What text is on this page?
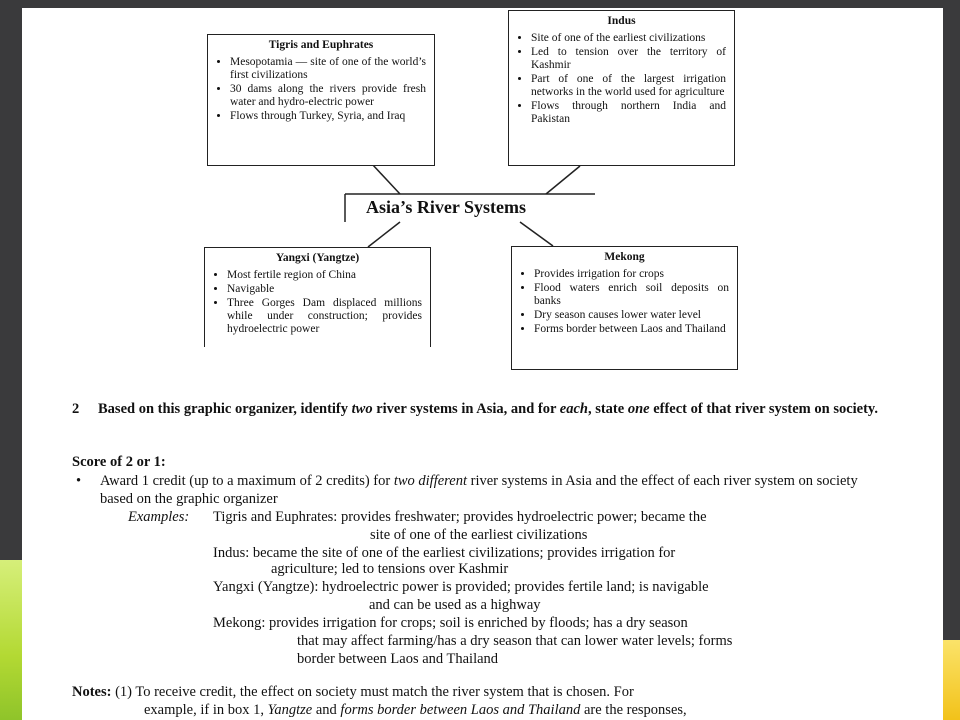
Asia’s River Systems
Tigris and Euphrates
• Mesopotamia — site of one of the world’s first civilizations
• 30 dams along the rivers provide fresh water and hydro-electric power
• Flows through Turkey, Syria, and Iraq
Indus
• Site of one of the earliest civilizations
• Led to tension over the territory of Kashmir
• Part of one of the largest irrigation networks in the world used for agriculture
• Flows through northern India and Pakistan
Yangxi (Yangtze)
• Most fertile region of China
• Navigable
• Three Gorges Dam displaced millions while under construction; provides hydroelectric power
Mekong
• Provides irrigation for crops
• Flood waters enrich soil deposits on banks
• Dry season causes lower water level
• Forms border between Laos and Thailand
2 Based on this graphic organizer, identify two river systems in Asia, and for each, state one effect of that river system on society.
Score of 2 or 1:
• Award 1 credit (up to a maximum of 2 credits) for two different river systems in Asia and the effect of each river system on society based on the graphic organizer
Examples: Tigris and Euphrates: provides freshwater; provides hydroelectric power; became the
site of one of the earliest civilizations
Indus: became the site of one of the earliest civilizations; provides irrigation for
agriculture; led to tensions over Kashmir
Yangxi (Yangtze): hydroelectric power is provided; provides fertile land; is navigable
and can be used as a highway
Mekong: provides irrigation for crops; soil is enriched by floods; has a dry season
that may affect farming/has a dry season that can lower water levels; forms
border between Laos and Thailand
Notes: (1) To receive credit, the effect on society must match the river system that is chosen. For
example, if in box 1, Yangtze and forms border between Laos and Thailand are the responses,
